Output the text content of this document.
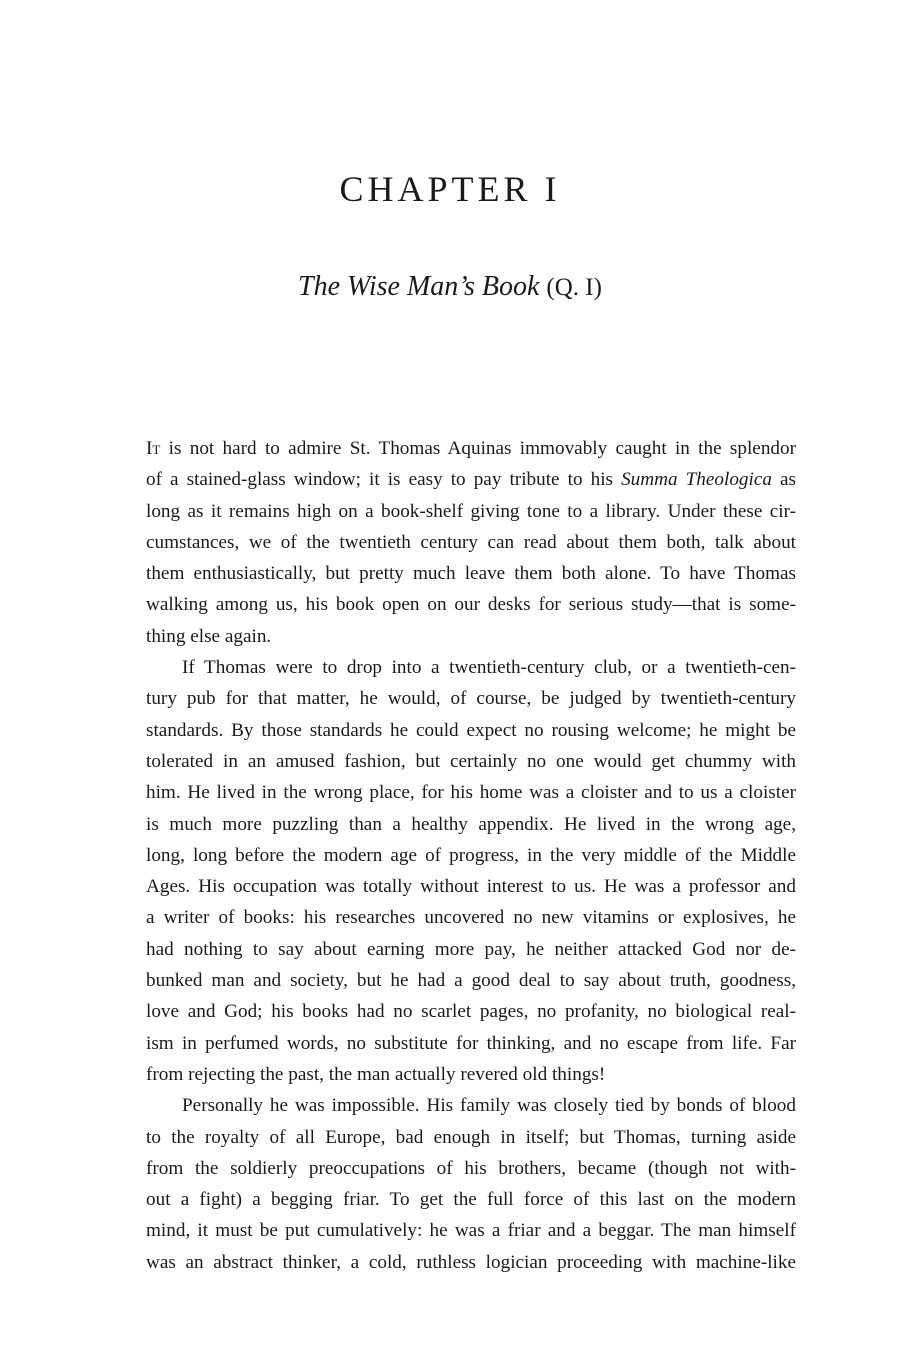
CHAPTER I
The Wise Man’s Book (Q. I)
It is not hard to admire St. Thomas Aquinas immovably caught in the splendor
of a stained-glass window; it is easy to pay tribute to his Summa Theologica as
long as it remains high on a book-shelf giving tone to a library. Under these cir-
cumstances, we of the twentieth century can read about them both, talk about
them enthusiastically, but pretty much leave them both alone. To have Thomas
walking among us, his book open on our desks for serious study—that is some-
thing else again.
If Thomas were to drop into a twentieth-century club, or a twentieth-cen-
tury pub for that matter, he would, of course, be judged by twentieth-century
standards. By those standards he could expect no rousing welcome; he might be
tolerated in an amused fashion, but certainly no one would get chummy with
him. He lived in the wrong place, for his home was a cloister and to us a cloister
is much more puzzling than a healthy appendix. He lived in the wrong age,
long, long before the modern age of progress, in the very middle of the Middle
Ages. His occupation was totally without interest to us. He was a professor and
a writer of books: his researches uncovered no new vitamins or explosives, he
had nothing to say about earning more pay, he neither attacked God nor de-
bunked man and society, but he had a good deal to say about truth, goodness,
love and God; his books had no scarlet pages, no profanity, no biological real-
ism in perfumed words, no substitute for thinking, and no escape from life. Far
from rejecting the past, the man actually revered old things!
Personally he was impossible. His family was closely tied by bonds of blood
to the royalty of all Europe, bad enough in itself; but Thomas, turning aside
from the soldierly preoccupations of his brothers, became (though not with-
out a fight) a begging friar. To get the full force of this last on the modern
mind, it must be put cumulatively: he was a friar and a beggar. The man himself
was an abstract thinker, a cold, ruthless logician proceeding with machine-like
